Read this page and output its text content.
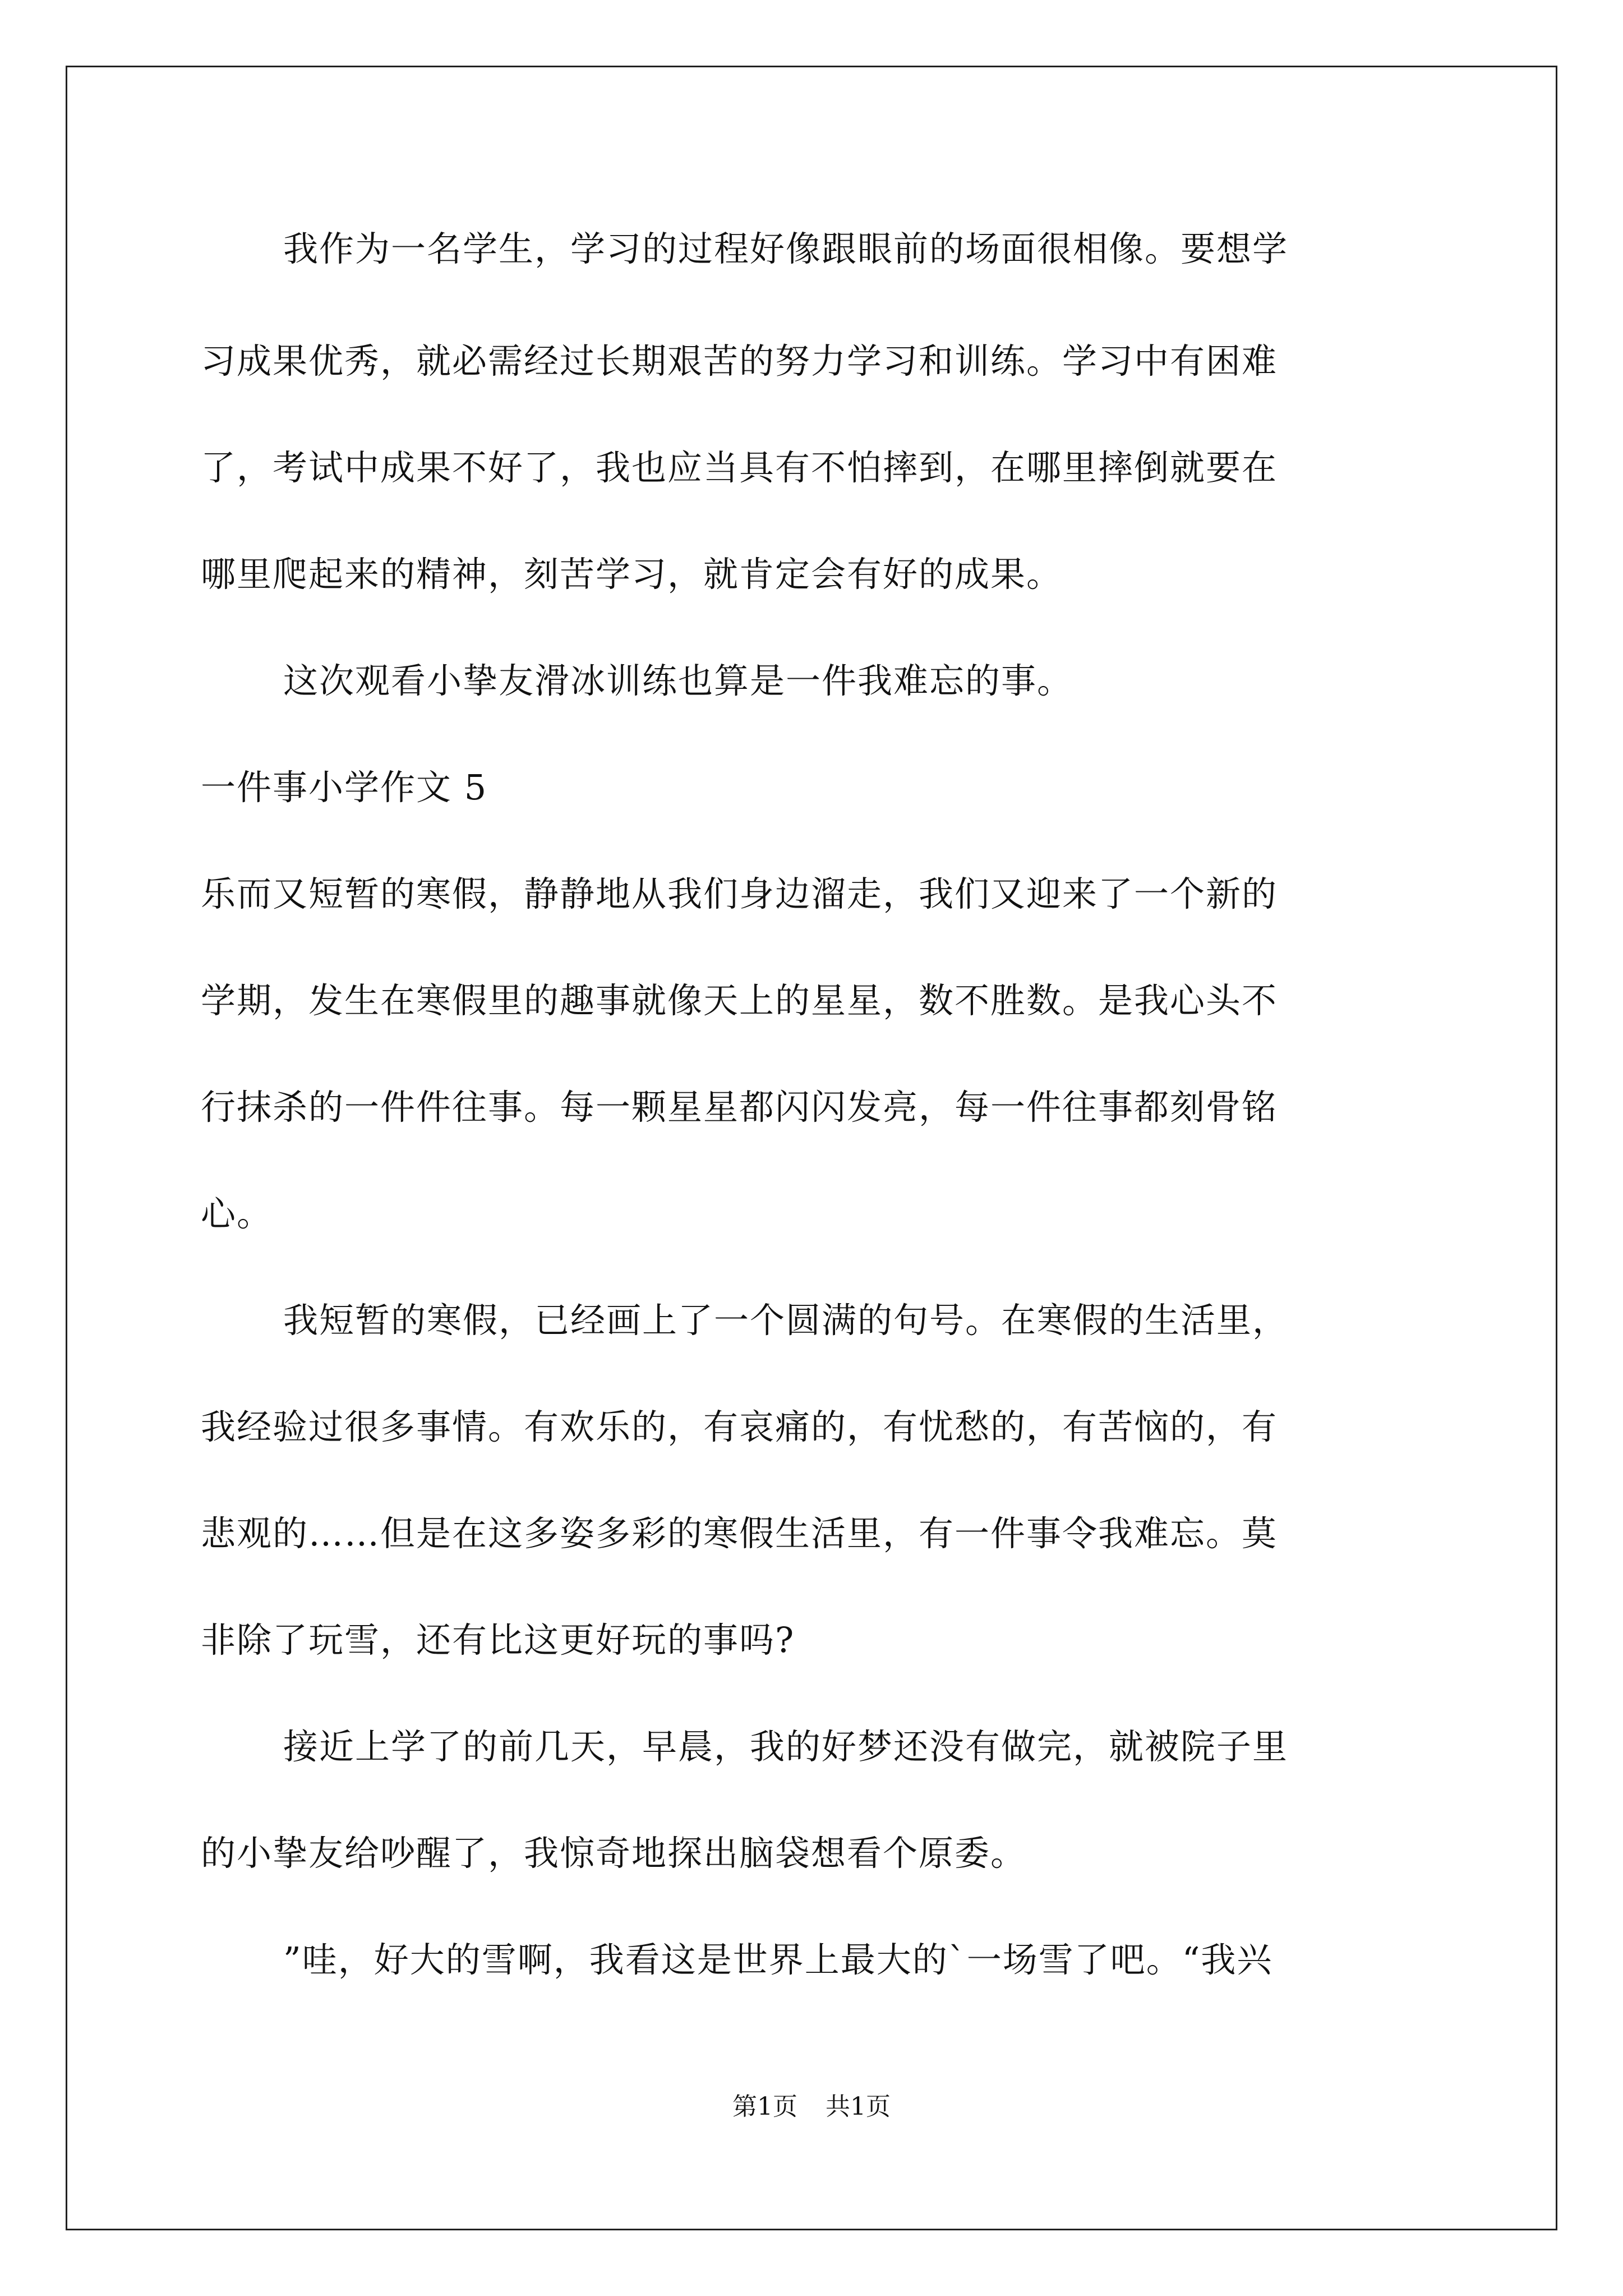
我作为一名学生，学习的过程好像跟眼前的场面很相像。要想学
习成果优秀，就必需经过长期艰苦的努力学习和训练。学习中有困难
了，考试中成果不好了，我也应当具有不怕摔到，在哪里摔倒就要在
哪里爬起来的精神，刻苦学习，就肯定会有好的成果。
这次观看小挚友滑冰训练也算是一件我难忘的事。
一件事小学作文 5
乐而又短暂的寒假，静静地从我们身边溜走，我们又迎来了一个新的
学期，发生在寒假里的趣事就像天上的星星，数不胜数。是我心头不
行抹杀的一件件往事。每一颗星星都闪闪发亮，每一件往事都刻骨铭
心。
我短暂的寒假，已经画上了一个圆满的句号。在寒假的生活里，
我经验过很多事情。有欢乐的，有哀痛的，有忧愁的，有苦恼的，有
悲观的……但是在这多姿多彩的寒假生活里，有一件事令我难忘。莫
非除了玩雪，还有比这更好玩的事吗?
接近上学了的前几天，早晨，我的好梦还没有做完，就被院子里
的小挚友给吵醒了，我惊奇地探出脑袋想看个原委。
”哇，好大的雪啊，我看这是世界上最大的`一场雪了吧。“我兴
第1页 共1页
